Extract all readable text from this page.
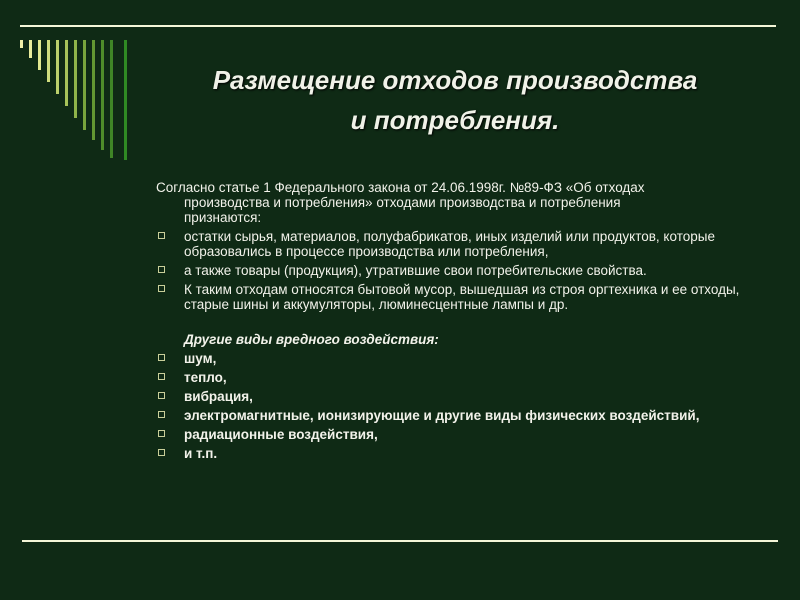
Размещение отходов производства
и потребления.
Согласно статье 1 Федерального закона от 24.06.1998г. №89-ФЗ «Об отходах
производства и потребления» отходами производства и потребления
признаются:
остатки сырья, материалов, полуфабрикатов, иных изделий или продуктов, которые образовались в процессе производства или потребления,
а также товары (продукция), утратившие свои потребительские свойства.
К таким отходам относятся бытовой мусор, вышедшая из строя оргтехника и ее отходы, старые шины и аккумуляторы, люминесцентные лампы и др.
Другие виды вредного воздействия:
шум,
тепло,
вибрация,
электромагнитные, ионизирующие и другие виды физических воздействий,
радиационные воздействия,
и т.п.
